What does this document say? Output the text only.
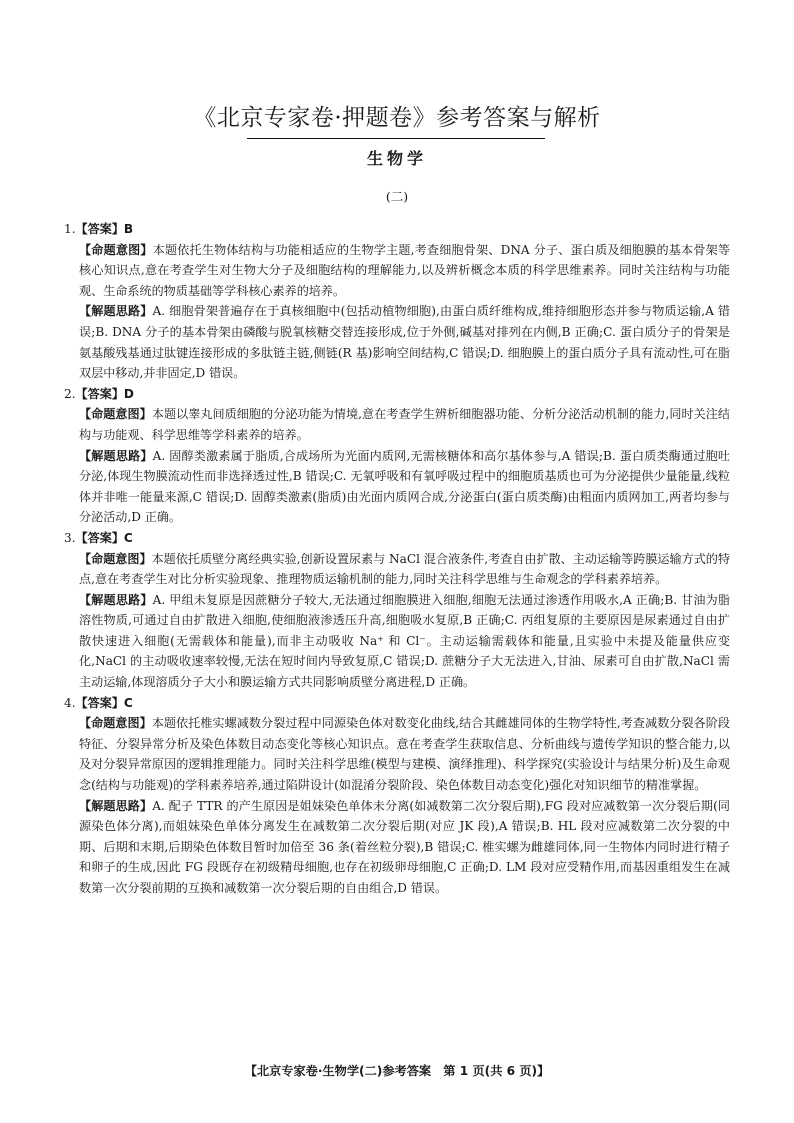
《北京专家卷·押题卷》参考答案与解析
生物学
(二)

1.【答案】B

【命题意图】本题依托生物体结构与功能相适应的生物学主题,考查细胞骨架、DNA 分子、蛋白质及细胞膜的基本骨架等核心知识点,意在考查学生对生物大分子及细胞结构的理解能力,以及辨析概念本质的科学思维素养。同时关注结构与功能观、生命系统的物质基础等学科核心素养的培养。

【解题思路】A. 细胞骨架普遍存在于真核细胞中(包括动植物细胞),由蛋白质纤维构成,维持细胞形态并参与物质运输,A 错误;B. DNA 分子的基本骨架由磷酸与脱氧核糖交替连接形成,位于外侧,碱基对排列在内侧,B 正确;C. 蛋白质分子的骨架是氨基酸残基通过肽键连接形成的多肽链主链,侧链(R 基)影响空间结构,C 错误;D. 细胞膜上的蛋白质分子具有流动性,可在脂双层中移动,并非固定,D 错误。

2.【答案】D

【命题意图】本题以睾丸间质细胞的分泌功能为情境,意在考查学生辨析细胞器功能、分析分泌活动机制的能力,同时关注结构与功能观、科学思维等学科素养的培养。

【解题思路】A. 固醇类激素属于脂质,合成场所为光面内质网,无需核糖体和高尔基体参与,A 错误;B. 蛋白质类酶通过胞吐分泌,体现生物膜流动性而非选择透过性,B 错误;C. 无氧呼吸和有氧呼吸过程中的细胞质基质也可为分泌提供少量能量,线粒体并非唯一能量来源,C 错误;D. 固醇类激素(脂质)由光面内质网合成,分泌蛋白(蛋白质类酶)由粗面内质网加工,两者均参与分泌活动,D 正确。

3.【答案】C

【命题意图】本题依托质壁分离经典实验,创新设置尿素与 NaCl 混合液条件,考查自由扩散、主动运输等跨膜运输方式的特点,意在考查学生对比分析实验现象、推理物质运输机制的能力,同时关注科学思维与生命观念的学科素养培养。

【解题思路】A. 甲组未复原是因蔗糖分子较大,无法通过细胞膜进入细胞,细胞无法通过渗透作用吸水,A 正确;B. 甘油为脂溶性物质,可通过自由扩散进入细胞,使细胞液渗透压升高,细胞吸水复原,B 正确;C. 丙组复原的主要原因是尿素通过自由扩散快速进入细胞(无需载体和能量),而非主动吸收 Na⁺ 和 Cl⁻。主动运输需载体和能量,且实验中未提及能量供应变化,NaCl 的主动吸收速率较慢,无法在短时间内导致复原,C 错误;D. 蔗糖分子大无法进入,甘油、尿素可自由扩散,NaCl 需主动运输,体现溶质分子大小和膜运输方式共同影响质壁分离进程,D 正确。

4.【答案】C

【命题意图】本题依托椎实螺减数分裂过程中同源染色体对数变化曲线,结合其雌雄同体的生物学特性,考查减数分裂各阶段特征、分裂异常分析及染色体数目动态变化等核心知识点。意在考查学生获取信息、分析曲线与遗传学知识的整合能力,以及对分裂异常原因的逻辑推理能力。同时关注科学思维(模型与建模、演绎推理)、科学探究(实验设计与结果分析)及生命观念(结构与功能观)的学科素养培养,通过陷阱设计(如混淆分裂阶段、染色体数目动态变化)强化对知识细节的精准掌握。

【解题思路】A. 配子 TTR 的产生原因是姐妹染色单体未分离(如减数第二次分裂后期),FG 段对应减数第一次分裂后期(同源染色体分离),而姐妹染色单体分离发生在减数第二次分裂后期(对应 JK 段),A 错误;B. HL 段对应减数第二次分裂的中期、后期和末期,后期染色体数目暂时加倍至 36 条(着丝粒分裂),B 错误;C. 椎实螺为雌雄同体,同一生物体内同时进行精子和卵子的生成,因此 FG 段既存在初级精母细胞,也存在初级卵母细胞,C 正确;D. LM 段对应受精作用,而基因重组发生在减数第一次分裂前期的互换和减数第一次分裂后期的自由组合,D 错误。

【北京专家卷·生物学(二)参考答案　第 1 页(共 6 页)】
